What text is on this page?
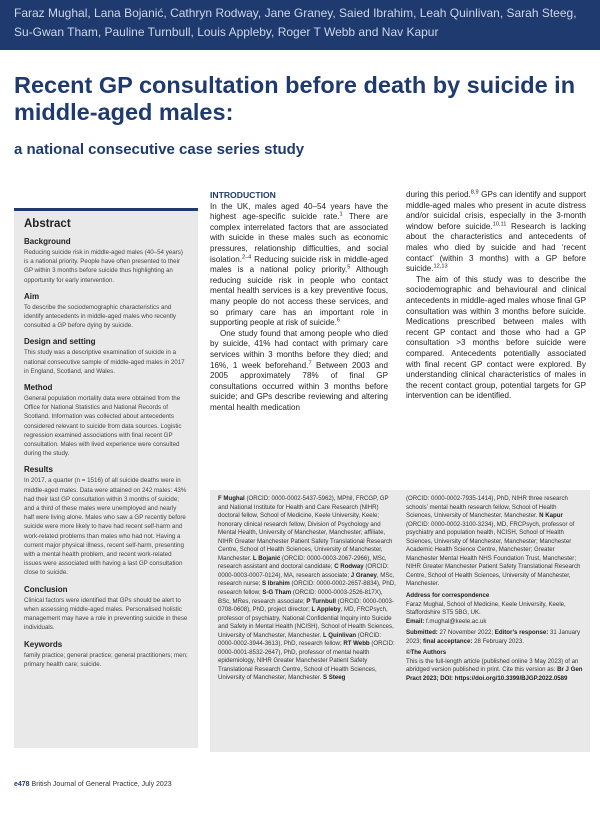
Faraz Mughal, Lana Bojanić, Cathryn Rodway, Jane Graney, Saied Ibrahim, Leah Quinlivan, Sarah Steeg, Su-Gwan Tham, Pauline Turnbull, Louis Appleby, Roger T Webb and Nav Kapur
Recent GP consultation before death by suicide in middle-aged males:
a national consecutive case series study
Abstract
Background

Reducing suicide risk in middle-aged males (40–54 years) is a national priority. People have often presented to their GP within 3 months before suicide thus highlighting an opportunity for early intervention.

Aim

To describe the sociodemographic characteristics and identify antecedents in middle-aged males who recently consulted a GP before dying by suicide.

Design and setting

This study was a descriptive examination of suicide in a national consecutive sample of middle-aged males in 2017 in England, Scotland, and Wales.

Method

General population mortality data were obtained from the Office for National Statistics and National Records of Scotland. Information was collected about antecedents considered relevant to suicide from data sources. Logistic regression examined associations with final recent GP consultation. Males with lived experience were consulted during the study.

Results

In 2017, a quarter (n = 1516) of all suicide deaths were in middle-aged males. Data were attained on 242 males: 43% had their last GP consultation within 3 months of suicide; and a third of these males were unemployed and nearly half were living alone. Males who saw a GP recently before suicide were more likely to have had recent self-harm and work-related problems than males who had not. Having a current major physical illness, recent self-harm, presenting with a mental health problem, and recent work-related issues were associated with having a last GP consultation close to suicide.

Conclusion

Clinical factors were identified that GPs should be alert to when assessing middle-aged males. Personalised holistic management may have a role in preventing suicide in these individuals.

Keywords

family practice; general practice; general practitioners; men; primary health care; suicide.

INTRODUCTION

In the UK, males aged 40–54 years have the highest age-specific suicide rate.$^1$ There are complex interrelated factors that are associated with suicide in these males such as economic pressures, relationship difficulties, and social isolation.$^{2-4}$ Reducing suicide risk in middle-aged males is a national policy priority.$^5$ Although reducing suicide risk in people who contact mental health services is a key preventive focus, many people do not access these services, and so primary care has an important role in supporting people at risk of suicide.$^6$

One study found that among people who died by suicide, 41% had contact with primary care services within 3 months before they died; and 16%, 1 week beforehand.$^7$ Between 2003 and 2005 approximately 78% of final GP consultations occurred within 3 months before suicide; and GPs describe reviewing and altering mental health medication

during this period.$^{8,9}$ GPs can identify and support middle-aged males who present in acute distress and/or suicidal crisis, especially in the 3-month window before suicide.$^{10,11}$ Research is lacking about the characteristics and antecedents of males who died by suicide and had ‘recent contact’ (within 3 months) with a GP before suicide.$^{12,13}$

The aim of this study was to describe the sociodemographic and behavioural and clinical antecedents in middle-aged males whose final GP consultation was within 3 months before suicide. Medications prescribed between males with recent GP contact and those who had a GP consultation >3 months before suicide were compared. Antecedents potentially associated with final recent GP contact were explored. By understanding clinical characteristics of males in the recent contact group, potential targets for GP intervention can be identified.

F Mughal (ORCID: 0000-0002-5437-5962), MPhil, FRCGP, GP and National Institute for Health and Care Research (NIHR) doctoral fellow, School of Medicine, Keele University, Keele; honorary clinical research fellow, Division of Psychology and Mental Health, University of Manchester, Manchester; affiliate, NIHR Greater Manchester Patient Safety Translational Research Centre, School of Health Sciences, University of Manchester, Manchester. L Bojanić (ORCID: 0000-0003-2067-2966), MSc, research assistant and doctoral candidate; C Rodway (ORCID: 0000-0003-0007-0124), MA, research associate; J Graney, MSc, research nurse; S Ibrahim (ORCID: 0000-0002-2657-8834), PhD, research fellow; S-G Tham (ORCID: 0000-0003-2526-817X), BSc, MRes, research associate; P Turnbull (ORCID: 0000-0003-0708-0608), PhD, project director; L Appleby, MD, FRCPsych, professor of psychiatry, National Confidential Inquiry into Suicide and Safety in Mental Health (NCISH), School of Health Sciences, University of Manchester, Manchester. L Quinlivan (ORCID: 0000-0002-3944-3613), PhD, research fellow; RT Webb (ORCID: 0000-0001-8532-2647), PhD, professor of mental health epidemiology, NIHR Greater Manchester Patient Safety Translational Research Centre, School of Health Sciences, University of Manchester, Manchester. S Steeg

(ORCID: 0000-0002-7935-1414), PhD, NIHR three research schools’ mental health research fellow, School of Health Sciences, University of Manchester, Manchester. N Kapur (ORCID: 0000-0002-3100-3234), MD, FRCPsych, professor of psychiatry and population health, NCISH, School of Health Sciences, University of Manchester, Manchester; Manchester Academic Health Science Centre, Manchester; Greater Manchester Mental Health NHS Foundation Trust, Manchester; NIHR Greater Manchester Patient Safety Translational Research Centre, School of Health Sciences, University of Manchester, Manchester.

Address for correspondence

Faraz Mughal, School of Medicine, Keele University, Keele, Staffordshire ST5 5BG, UK.

Email: f.mughal@keele.ac.uk

Submitted: 27 November 2022; Editor’s response: 31 January 2023; final acceptance: 28 February 2023.

©The Authors

This is the full-length article (published online 3 May 2023) of an abridged version published in print. Cite this version as: Br J Gen Pract 2023; DOI: https://doi.org/10.3399/BJGP.2022.0589

e478 British Journal of General Practice, July 2023
